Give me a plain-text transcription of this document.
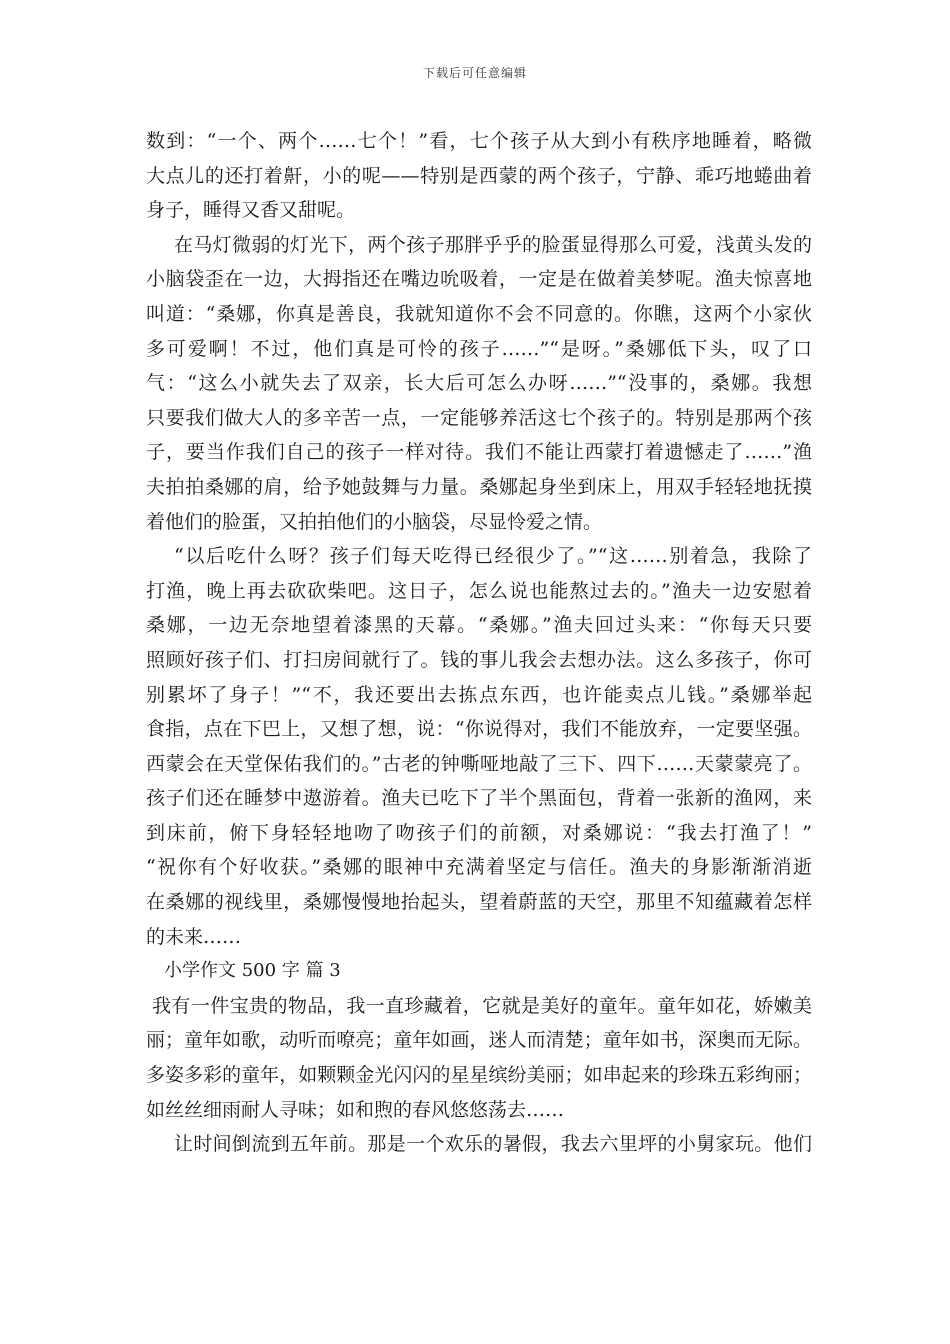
下载后可任意编辑
数到：“一个、两个……七个！”看，七个孩子从大到小有秩序地睡着，略微
大点儿的还打着鼾，小的呢——特别是西蒙的两个孩子，宁静、乖巧地蜷曲着
身子，睡得又香又甜呢。
在马灯微弱的灯光下，两个孩子那胖乎乎的脸蛋显得那么可爱，浅黄头发的
小脑袋歪在一边，大拇指还在嘴边吮吸着，一定是在做着美梦呢。渔夫惊喜地
叫道：“桑娜，你真是善良，我就知道你不会不同意的。你瞧，这两个小家伙
多可爱啊！不过，他们真是可怜的孩子……”“是呀。”桑娜低下头，叹了口
气：“这么小就失去了双亲，长大后可怎么办呀……”“没事的，桑娜。我想
只要我们做大人的多辛苦一点，一定能够养活这七个孩子的。特别是那两个孩
子，要当作我们自己的孩子一样对待。我们不能让西蒙打着遗憾走了……”渔
夫拍拍桑娜的肩，给予她鼓舞与力量。桑娜起身坐到床上，用双手轻轻地抚摸
着他们的脸蛋，又拍拍他们的小脑袋，尽显怜爱之情。
“以后吃什么呀？孩子们每天吃得已经很少了。”“这……别着急，我除了
打渔，晚上再去砍砍柴吧。这日子，怎么说也能熬过去的。”渔夫一边安慰着
桑娜，一边无奈地望着漆黑的天幕。“桑娜。”渔夫回过头来：“你每天只要
照顾好孩子们、打扫房间就行了。钱的事儿我会去想办法。这么多孩子，你可
别累坏了身子！”“不，我还要出去拣点东西，也许能卖点儿钱。”桑娜举起
食指，点在下巴上，又想了想，说：“你说得对，我们不能放弃，一定要坚强。
西蒙会在天堂保佑我们的。”古老的钟嘶哑地敲了三下、四下……天蒙蒙亮了。
孩子们还在睡梦中遨游着。渔夫已吃下了半个黑面包，背着一张新的渔网，来
到床前，俯下身轻轻地吻了吻孩子们的前额，对桑娜说：“我去打渔了！”
“祝你有个好收获。”桑娜的眼神中充满着坚定与信任。渔夫的身影渐渐消逝
在桑娜的视线里，桑娜慢慢地抬起头，望着蔚蓝的天空，那里不知蕴藏着怎样
的未来……
小学作文 500 字 篇 3
我有一件宝贵的物品，我一直珍藏着，它就是美好的童年。童年如花，娇嫩美
丽；童年如歌，动听而嘹亮；童年如画，迷人而清楚；童年如书，深奥而无际。
多姿多彩的童年，如颗颗金光闪闪的星星缤纷美丽；如串起来的珍珠五彩绚丽；
如丝丝细雨耐人寻味；如和煦的春风悠悠荡去……
让时间倒流到五年前。那是一个欢乐的暑假，我去六里坪的小舅家玩。他们
